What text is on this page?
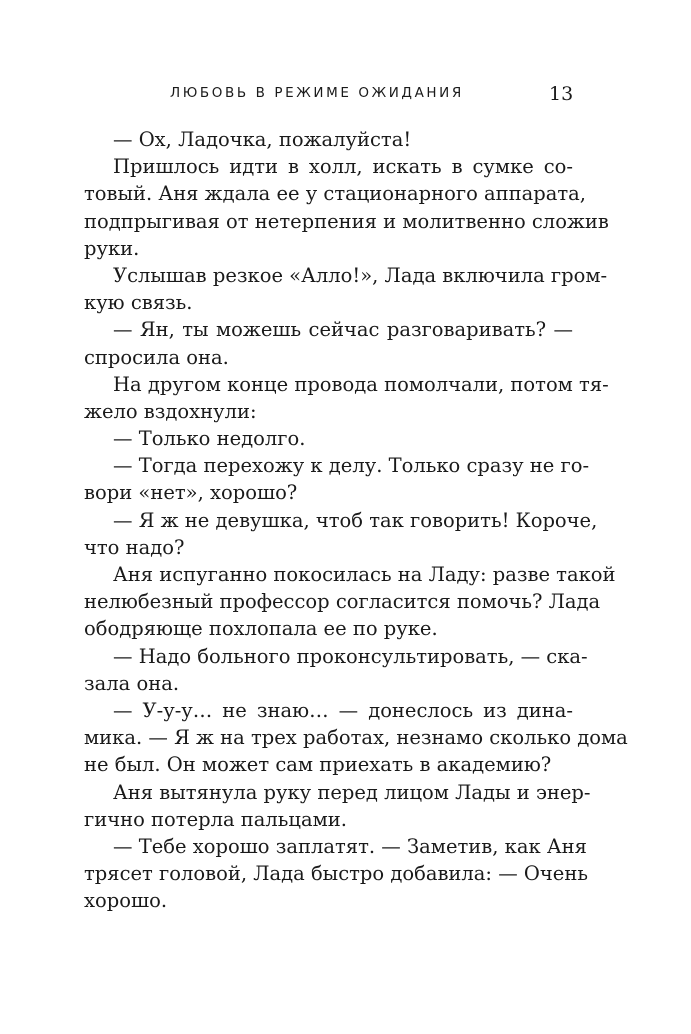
ЛЮБОВЬ В РЕЖИМЕ ОЖИДАНИЯ	13
— Ох, Ладочка, пожалуйста!
Пришлось идти в холл, искать в сумке со-
товый. Аня ждала ее у стационарного аппарата,
подпрыгивая от нетерпения и молитвенно сложив
руки.
Услышав резкое «Алло!», Лада включила гром-
кую связь.
— Ян, ты можешь сейчас разговаривать? —
спросила она.
На другом конце провода помолчали, потом тя-
жело вздохнули:
— Только недолго.
— Тогда перехожу к делу. Только сразу не го-
вори «нет», хорошо?
— Я ж не девушка, чтоб так говорить! Короче,
что надо?
Аня испуганно покосилась на Ладу: разве такой
нелюбезный профессор согласится помочь? Лада
ободряюще похлопала ее по руке.
— Надо больного проконсультировать, — ска-
зала она.
— У-у-у… не знаю… — донеслось из дина-
мика. — Я ж на трех работах, незнамо сколько дома
не был. Он может сам приехать в академию?
Аня вытянула руку перед лицом Лады и энер-
гично потерла пальцами.
— Тебе хорошо заплатят. — Заметив, как Аня
трясет головой, Лада быстро добавила: — Очень
хорошо.
